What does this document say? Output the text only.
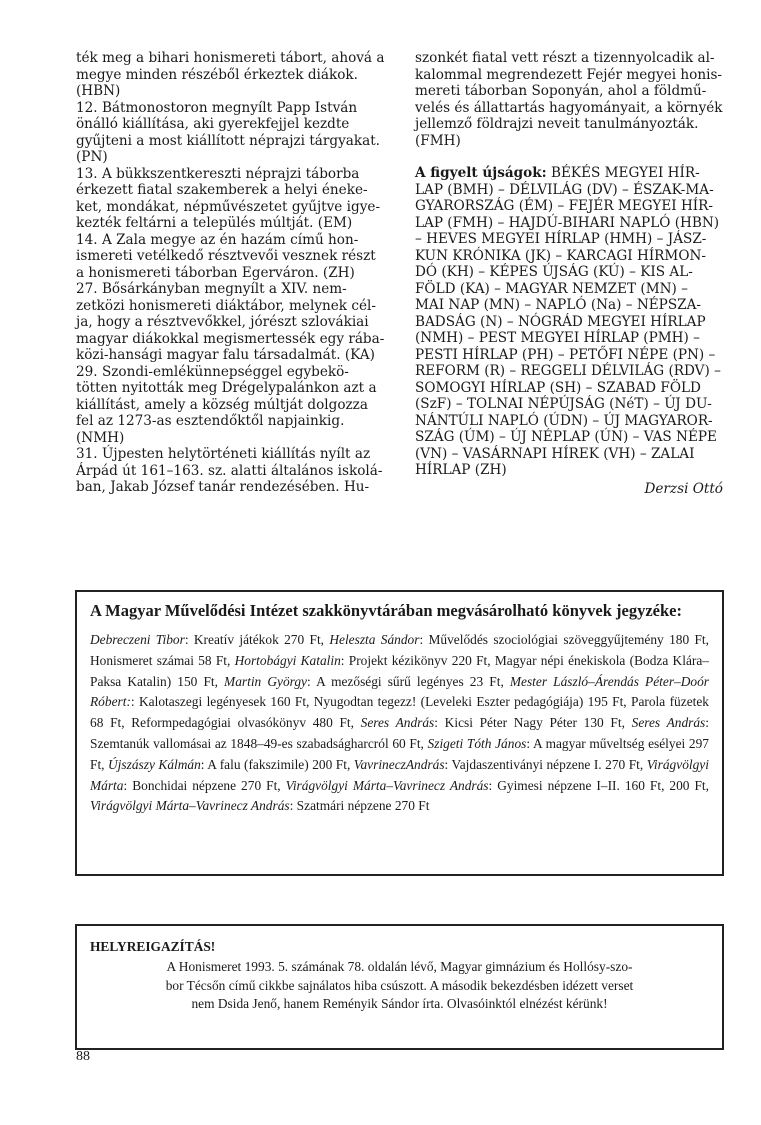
ték meg a bihari honismereti tábort, ahová a
megye minden részéből érkeztek diákok.
(HBN)
12. Bátmonostoron megnyílt Papp István
önálló kiállítása, aki gyerekfejjel kezdte
gyűjteni a most kiállított néprajzi tárgyakat.
(PN)
13. A bükkszentkereszti néprajzi táborba
érkezett fiatal szakemberek a helyi éneke-
ket, mondákat, népművészetet gyűjtve igye-
kezték feltárni a település múltját. (EM)
14. A Zala megye az én hazám című hon-
ismereti vetélkedő résztvevői vesznek részt
a honismereti táborban Egerváron. (ZH)
27. Bősárkányban megnyílt a XIV. nem-
zetközi honismereti diáktábor, melynek cél-
ja, hogy a résztvevőkkel, jórészt szlovákiai
magyar diákokkal megismertessék egy rába-
közi-hansági magyar falu társadalmát. (KA)
29. Szondi-emlékünnepséggel egybekö-
tötten nyitották meg Drégelypalánkon azt a
kiállítást, amely a község múltját dolgozza
fel az 1273-as esztendőktől napjainkig.
(NMH)
31. Újpesten helytörténeti kiállítás nyílt az
Árpád út 161–163. sz. alatti általános iskolá-
ban, Jakab József tanár rendezésében. Hu-

szonkét fiatal vett részt a tizennyolcadik al-
kalommal megrendezett Fejér megyei honis-
mereti táborban Soponyán, ahol a földmű-
velés és állattartás hagyományait, a környék
jellemző földrajzi neveit tanulmányozták.
(FMH)

A figyelt újságok: BÉKÉS MEGYEI HÍR-
LAP (BMH) – DÉLVILÁG (DV) – ÉSZAK-MA-
GYARORSZÁG (ÉM) – FEJÉR MEGYEI HÍR-
LAP (FMH) – HAJDÚ-BIHARI NAPLÓ (HBN)
– HEVES MEGYEI HÍRLAP (HMH) – JÁSZ-
KUN KRÓNIKA (JK) – KARCAGI HÍRMON-
DÓ (KH) – KÉPES ÚJSÁG (KÚ) – KIS AL-
FÖLD (KA) – MAGYAR NEMZET (MN) –
MAI NAP (MN) – NAPLÓ (Na) – NÉPSZA-
BADSÁG (N) – NÓGRÁD MEGYEI HÍRLAP
(NMH) – PEST MEGYEI HÍRLAP (PMH) –
PESTI HÍRLAP (PH) – PETŐFI NÉPE (PN) –
REFORM (R) – REGGELI DÉLVILÁG (RDV) –
SOMOGYI HÍRLAP (SH) – SZABAD FÖLD
(SzF) – TOLNAI NÉPÚJSÁG (NéT) – ÚJ DU-
NÁNTÚLI NAPLÓ (ÚDN) – ÚJ MAGYAROR-
SZÁG (ÚM) – ÚJ NÉPLAP (ÚN) – VAS NÉPE
(VN) – VASÁRNAPI HÍREK (VH) – ZALAI
HÍRLAP (ZH)

Derzsi Ottó
A Magyar Művelődési Intézet szakkönyvtárában megvásárolható könyvek jegyzéke:
Debreczeni Tibor: Kreatív játékok 270 Ft, Heleszta Sándor: Művelődés szociológiai szöveggyűjtemény 180 Ft, Honismeret számai 58 Ft, Hortobágyi Katalin: Projekt kézikönyv 220 Ft, Magyar népi énekiskola (Bodza Klára–Paksa Katalin) 150 Ft, Martin György: A mezőségi sűrű legényes 23 Ft, Mester László–Árendás Péter–Doór Róbert:: Kalotaszegi legényesek 160 Ft, Nyugodtan tegezz! (Leveleki Eszter pedagógiája) 195 Ft, Parola füzetek 68 Ft, Reformpedagógiai olvasókönyv 480 Ft, Seres András: Kicsi Péter Nagy Péter 130 Ft, Seres András: Szemtanúk vallomásai az 1848–49-es szabadságharcról 60 Ft, Szigeti Tóth János: A magyar műveltség esélyei 297 Ft, Újszászy Kálmán: A falu (fakszimile) 200 Ft, VavrineczAndrás: Vajdaszentiványi népzene I. 270 Ft, Virágvölgyi Márta: Bonchidai népzene 270 Ft, Virágvölgyi Márta–Vavrinecz András: Gyimesi népzene I–II. 160 Ft, 200 Ft, Virágvölgyi Márta–Vavrinecz András: Szatmári népzene 270 Ft
HELYREIGAZÍTÁS!
A Honismeret 1993. 5. számának 78. oldalán lévő, Magyar gimnázium és Hollósy-szo-
bor Técsőn című cikkbe sajnálatos hiba csúszott. A második bekezdésben idézett verset
nem Dsida Jenő, hanem Reményik Sándor írta. Olvasóinktól elnézést kérünk!
88
